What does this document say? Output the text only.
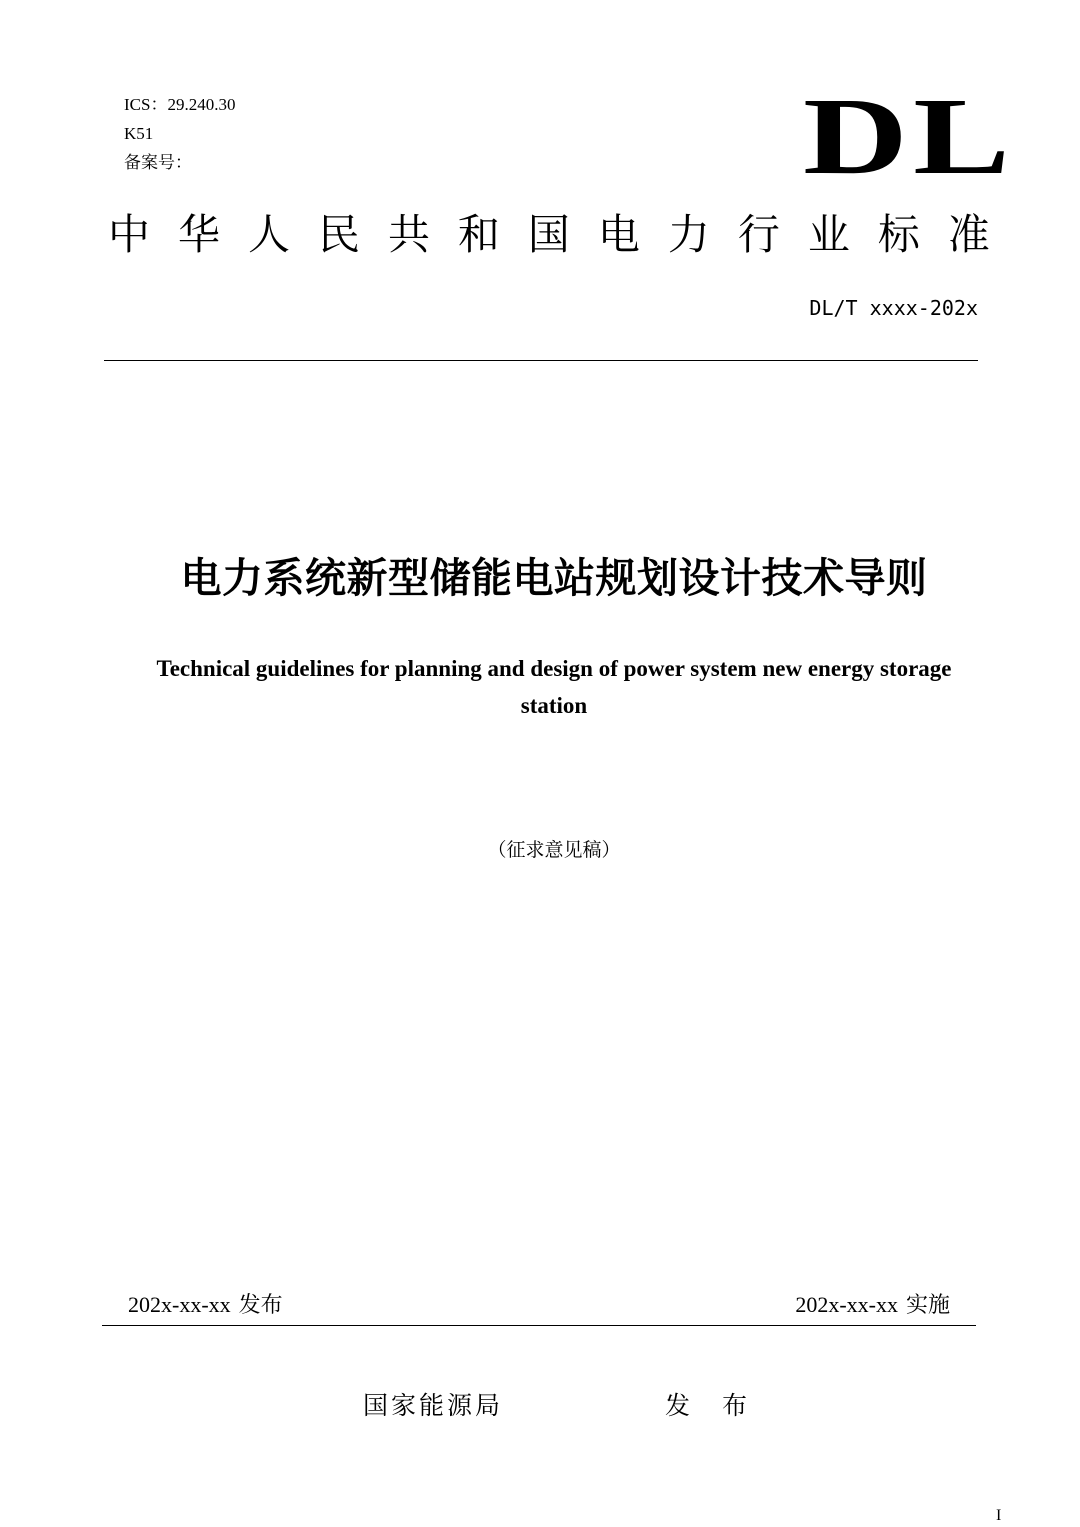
ICS：29.240.30
K51
备案号：	DL
中 华 人 民 共 和 国 电 力 行 业 标 准
DL/T xxxx-202x
电力系统新型储能电站规划设计技术导则
Technical guidelines for planning and design of power system new energy storage station
（征求意见稿）
202x-xx-xx 发布	202x-xx-xx 实施
国家能源局	发 布
I
